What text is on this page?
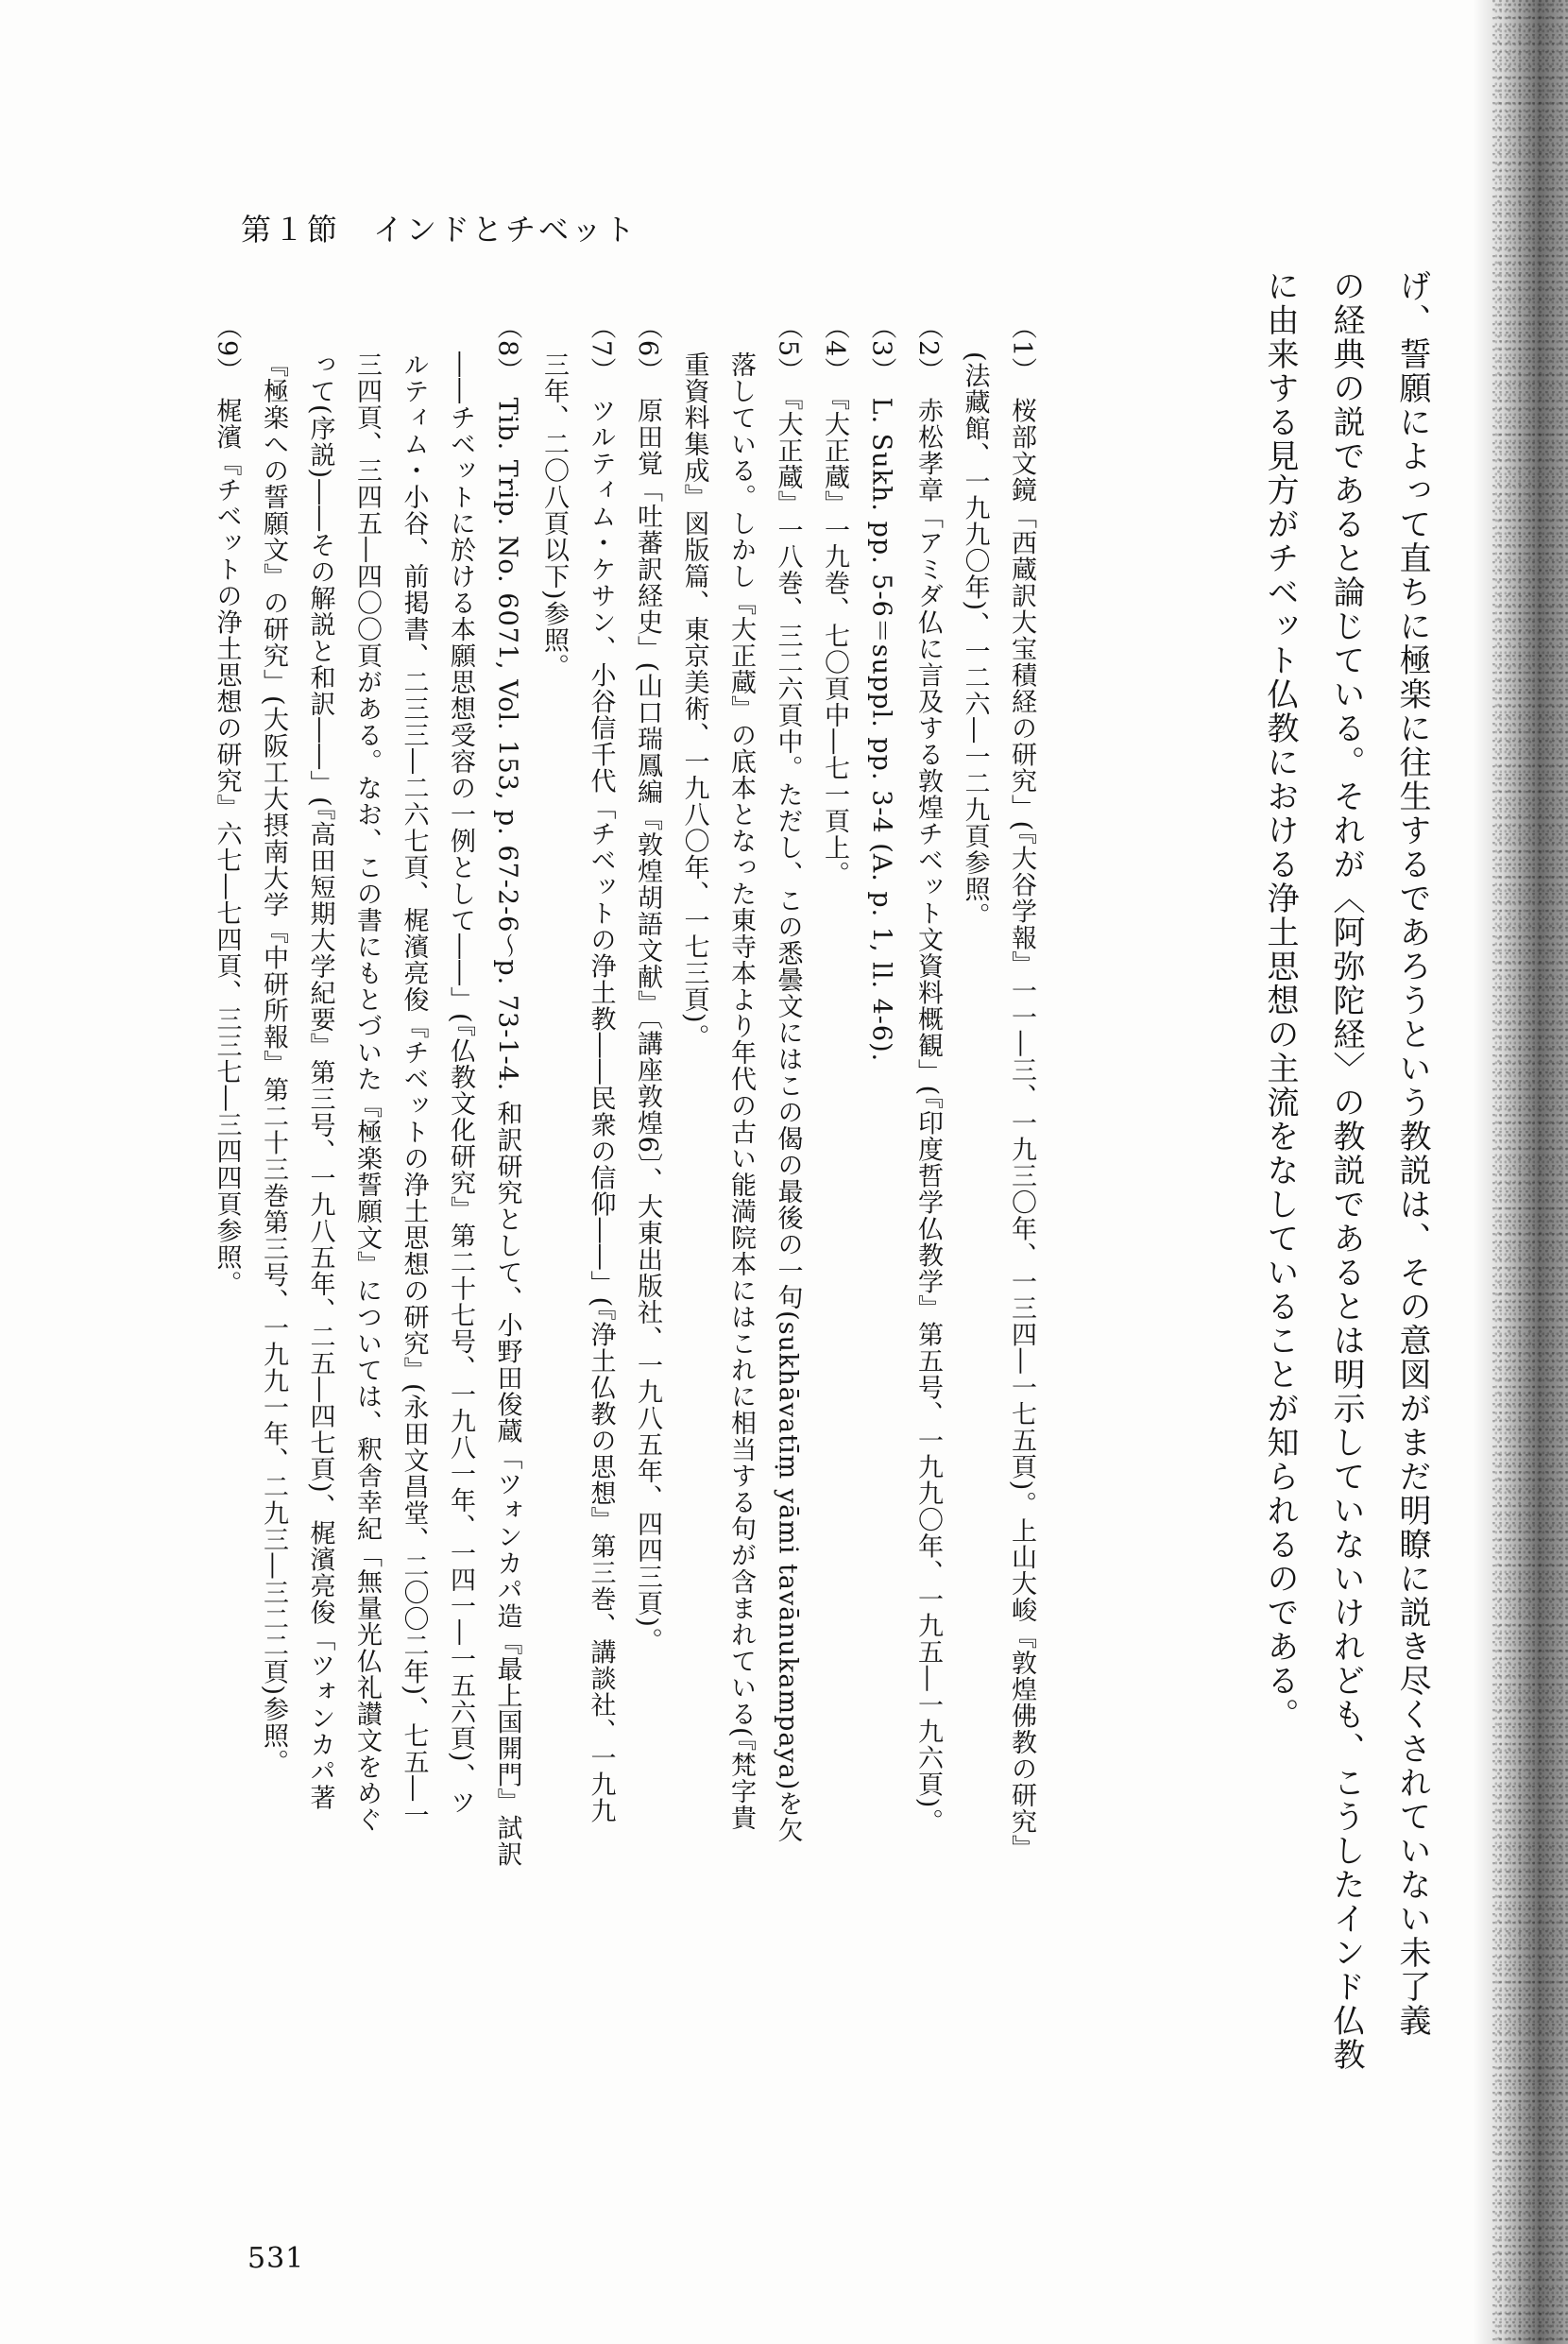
第１節　インドとチベット
げ、誓願によって直ちに極楽に往生するであろうという教説は、その意図がまだ明瞭に説き尽くされていない未了義
の経典の説であると論じている。それが〈阿弥陀経〉の教説であるとは明示していないけれども、こうしたインド仏教
に由来する見方がチベット仏教における浄土思想の主流をなしていることが知られるのである。
（1）　桜部文鏡「西蔵訳大宝積経の研究」(『大谷学報』一一―三、一九三〇年、一三四―一七五頁)。上山大峻『敦煌佛教の研究』
(法藏館、一九九〇年)、一二六―一二九頁参照。
（2）　赤松孝章「アミダ仏に言及する敦煌チベット文資料概観」(『印度哲学仏教学』第五号、一九九〇年、一九五―一九六頁)。
（3）　L. Sukh. pp. 5-6＝suppl. pp. 3-4 (A. p. 1, ll. 4-6).
（4）　『大正蔵』一九巻、七〇頁中―七一頁上。
（5）　『大正蔵』一八巻、三二六頁中。ただし、この悉曇文にはこの偈の最後の一句(sukhāvatīṃ yāmi tavānukampaya)を欠
落している。しかし『大正蔵』の底本となった東寺本より年代の古い能満院本にはこれに相当する句が含まれている(『梵字貴
重資料集成』図版篇、東京美術、一九八〇年、一七三頁)。
（6）　原田覚「吐蕃訳経史」(山口瑞鳳編『敦煌胡語文献』〔講座敦煌6〕、大東出版社、一九八五年、四四三頁)。
（7）　ツルティム・ケサン、小谷信千代「チベットの浄土教――民衆の信仰――」(『浄土仏教の思想』第三巻、講談社、一九九
三年、二〇八頁以下)参照。
（8）　Tib. Trip. No. 6071, Vol. 153, p. 67-2-6～p. 73-1-4. 和訳研究として、小野田俊蔵「ツォンカパ造『最上国開門』試訳
――チベットに於ける本願思想受容の一例として――」(『仏教文化研究』第二十七号、一九八一年、一四一―一五六頁)、ツ
ルティム・小谷、前掲書、二三三―二六七頁、梶濱亮俊『チベットの浄土思想の研究』(永田文昌堂、二〇〇二年)、七五―一
三四頁、三四五―四〇〇頁がある。なお、この書にもとづいた『極楽誓願文』については、釈舎幸紀「無量光仏礼讃文をめぐ
って(序説)――その解説と和訳――」(『高田短期大学紀要』第三号、一九八五年、二五―四七頁)、梶濱亮俊「ツォンカパ著
『極楽への誓願文』の研究」(大阪工大摂南大学『中研所報』第二十三巻第三号、一九九一年、二九三―三二二頁)参照。
（9）　梶濱『チベットの浄土思想の研究』六七―七四頁、三三七―三四四頁参照。
531
